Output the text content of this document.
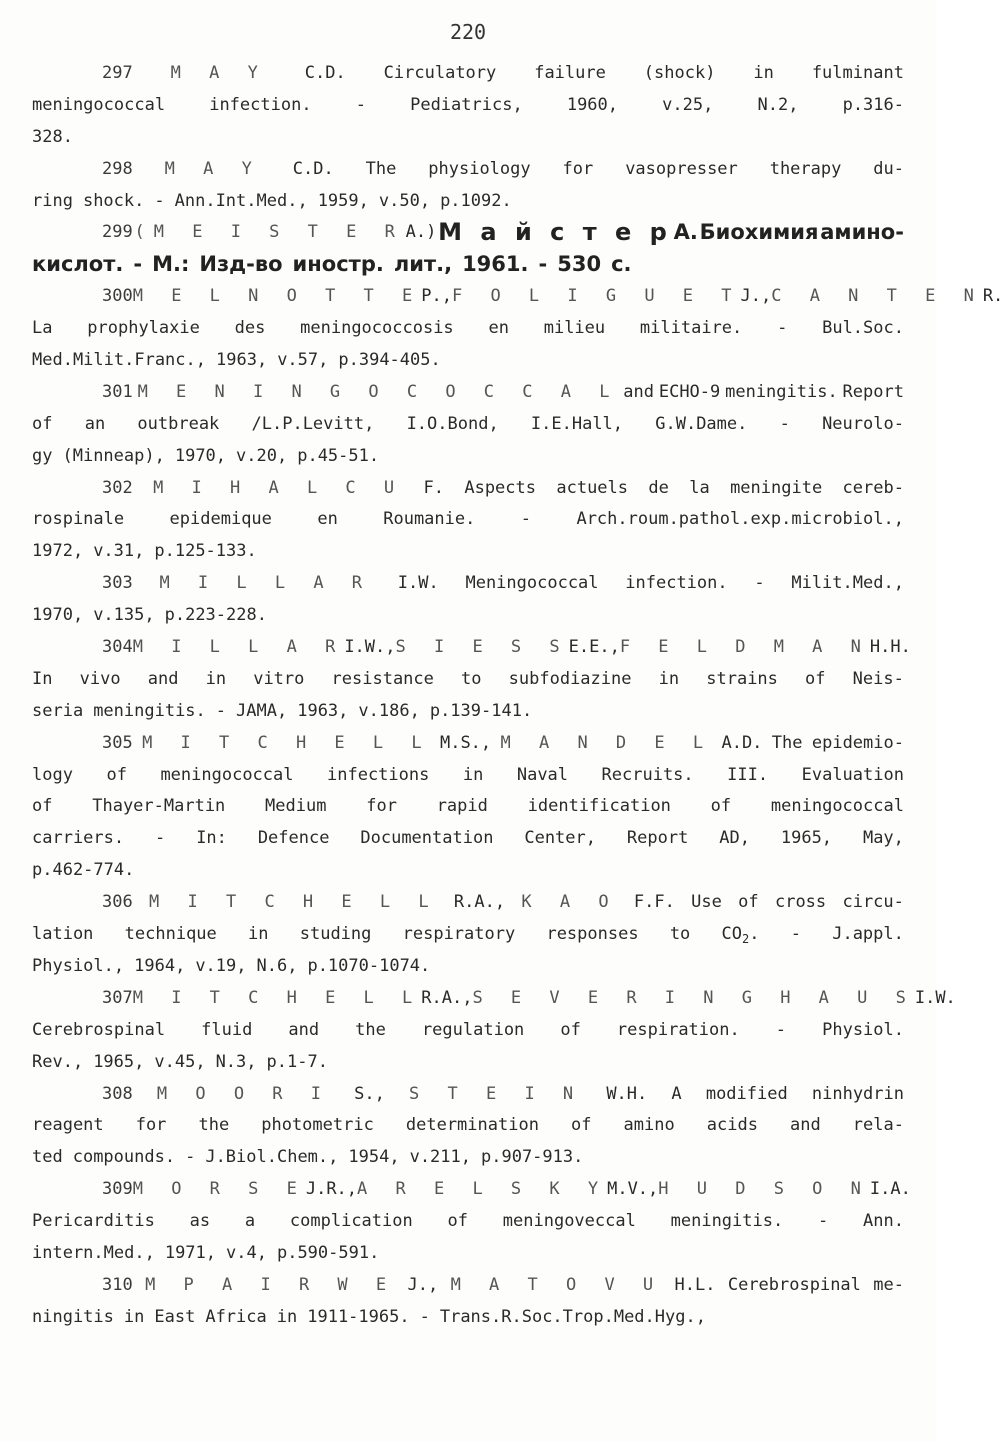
220
297 M A Y C.D. Circulatory failure (shock) in fulminant
meningococcal	infection.	-	Pediatrics,	1960,	v.25,	N.2,	p.316-
328.
298 M A Y C.D. The physiology for vasopresser therapy du-
ring shock. - Ann.Int.Med., 1959, v.50, p.1092.
299 (M E I S T E R A.) М а й с т е р А. Биохимия амино-
кислот. - М.: Изд-во иностр. лит., 1961. - 530 с.
300 M E L N O T T E P., F O L I G U E T J., C A N T E N R.
La prophylaxie des meningococcosis en milieu militaire. - Bul.Soc.
Med.Milit.Franc., 1963, v.57, p.394-405.
301 M E N I N G O C O C C A L and ECHO-9 meningitis. Report
of an outbreak /L.P.Levitt, I.O.Bond, I.E.Hall, G.W.Dame. - Neurolo-
gy (Minneap), 1970, v.20, p.45-51.
302 M I H A L C U F. Aspects actuels de la meningite cereb-
rospinale	epidemique	en	Roumanie.	-	Arch.roum.pathol.exp.microbiol.,
1972, v.31, p.125-133.
303 M I L L A R I.W. Meningococcal infection. - Milit.Med.,
1970, v.135, p.223-228.
304 M I L L A R I.W., S I E S S E.E., F E L D M A N H.H.
In vivo and in vitro resistance to subfodiazine in strains of Neis-
seria meningitis. - JAMA, 1963, v.186, p.139-141.
305 M I T C H E L L M.S., M A N D E L A.D. The epidemio-
logy of meningococcal infections in Naval Recruits. III. Evaluation
of Thayer-Martin Medium for rapid identification of meningococcal
carriers. - In: Defence Documentation Center, Report AD, 1965, May,
p.462-774.
306 M I T C H E L L R.A., K A O F.F. Use of cross circu-
lation technique in studing respiratory responses to $CO_2$. - J.appl.
Physiol., 1964, v.19, N.6, p.1070-1074.
307 M I T C H E L L R.A., S E V E R I N G H A U S I.W.
Cerebrospinal fluid and the regulation of respiration. - Physiol.
Rev., 1965, v.45, N.3, p.1-7.
308 M O O R I S., S T E I N W.H. A modified ninhydrin
reagent for the photometric determination of amino acids and rela-
ted compounds. - J.Biol.Chem., 1954, v.211, p.907-913.
309 M O R S E J.R., A R E L S K Y M.V., H U D S O N I.A.
Pericarditis as a complication of meningoveccal meningitis. - Ann.
intern.Med., 1971, v.4, p.590-591.
310 M P A I R W E J., M A T O V U H.L. Cerebrospinal me-
ningitis in East Africa in 1911-1965. - Trans.R.Soc.Trop.Med.Hyg.,
